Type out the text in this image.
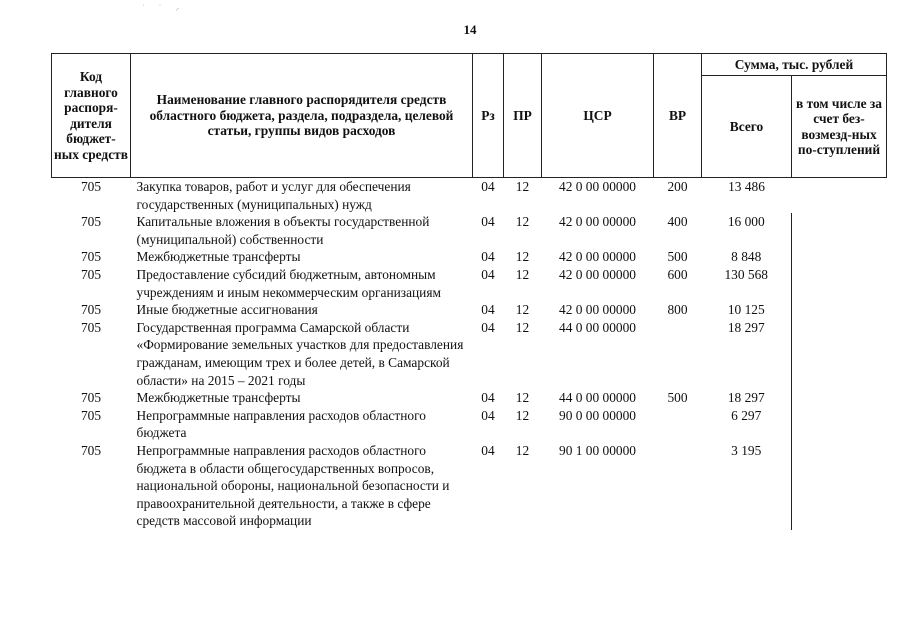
˙ ˙ ⸝
14
Код главного распоря-дителя бюджет-ных средств	Наименование главного распорядителя средств областного бюджета, раздела, подраздела, целевой статьи, группы видов расходов	Рз	ПР	ЦСР	ВР	Сумма, тыс. рублей	
						Всего	в том числе за счет без-возмезд-ных по-ступлений
705	Закупка товаров, работ и услуг для обеспечения государственных (муниципальных) нужд	04	12	42 0 00 00000	200	13 486	
705	Капитальные вложения в объекты государственной (муниципальной) собственности	04	12	42 0 00 00000	400	16 000	
705	Межбюджетные трансферты	04	12	42 0 00 00000	500	8 848	
705	Предоставление субсидий бюджетным, автономным учреждениям и иным некоммерческим организациям	04	12	42 0 00 00000	600	130 568	
705	Иные бюджетные ассигнования	04	12	42 0 00 00000	800	10 125	
705	Государственная программа Самарской области «Формирование земельных участков для предоставления гражданам, имеющим трех и более детей, в Самарской области» на 2015 – 2021 годы	04	12	44 0 00 00000		18 297	
705	Межбюджетные трансферты	04	12	44 0 00 00000	500	18 297	
705	Непрограммные направления расходов областного бюджета	04	12	90 0 00 00000		6 297	
705	Непрограммные направления расходов областного бюджета в области общегосударственных вопросов, национальной обороны, национальной безопасности и правоохранительной деятельности, а также в сфере средств массовой информации	04	12	90 1 00 00000		3 195	
